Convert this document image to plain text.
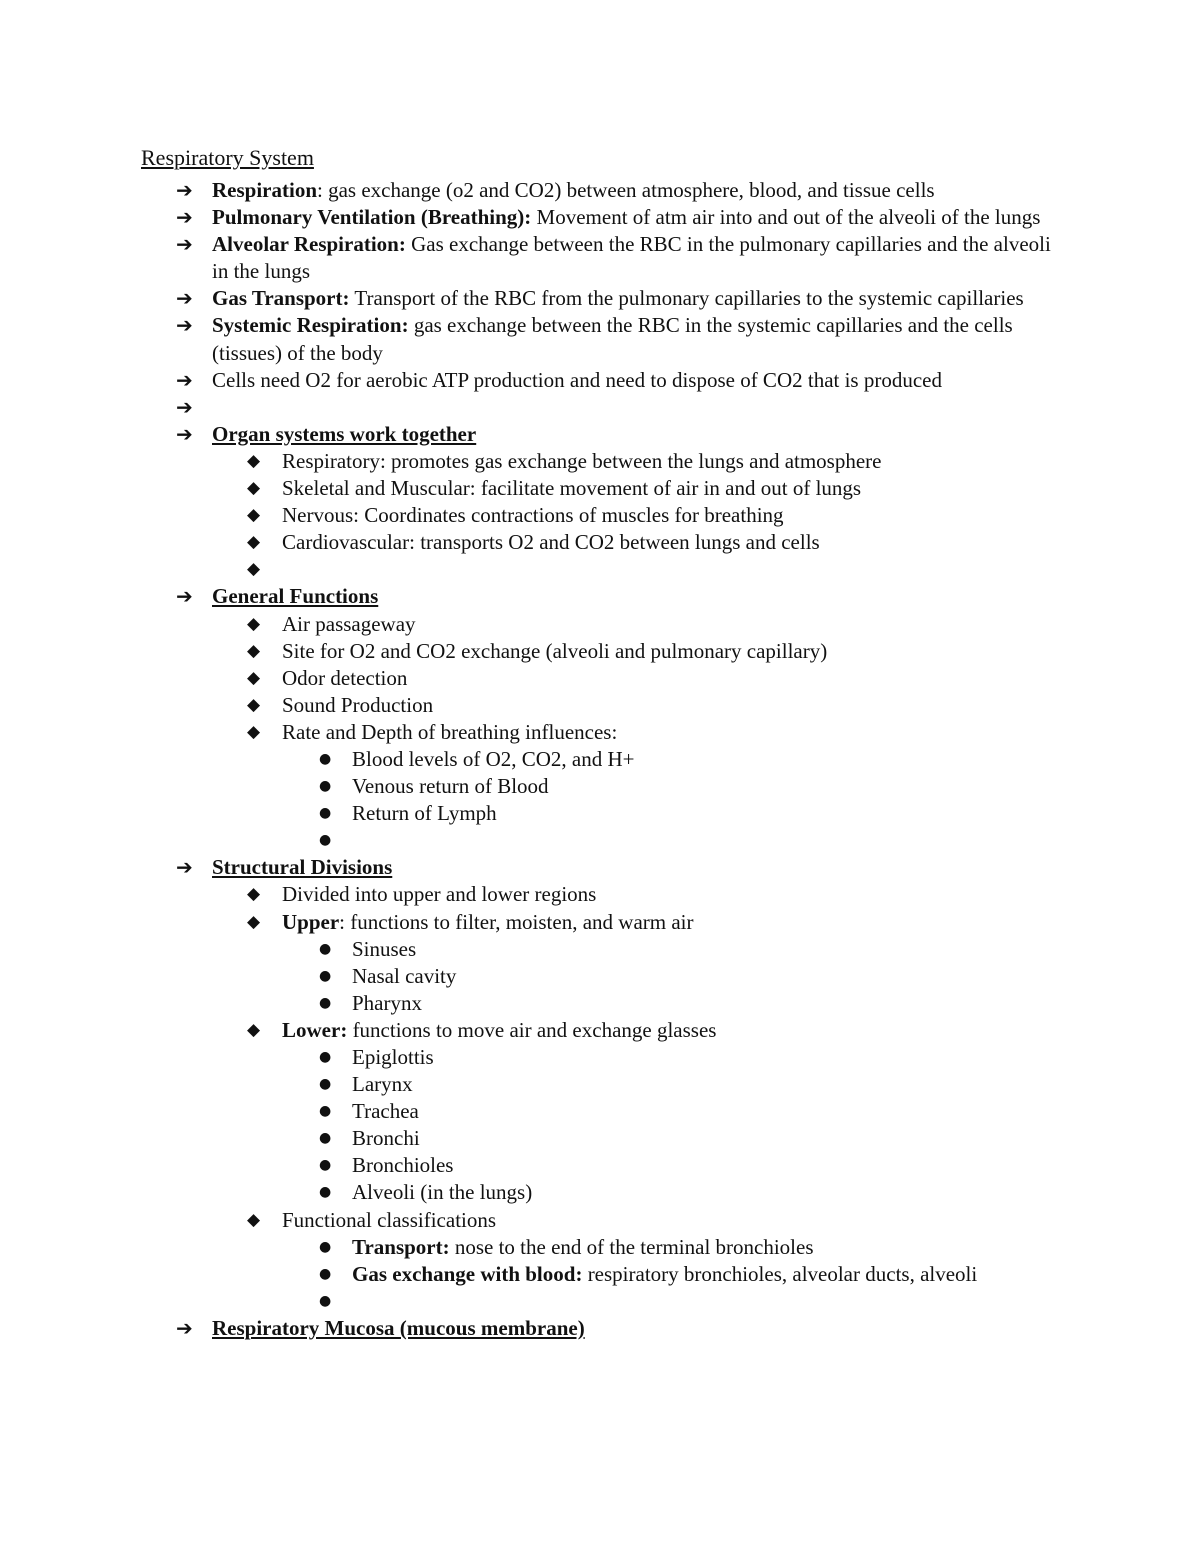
Respiratory System
➔ Respiration: gas exchange (o2 and CO2) between atmosphere, blood, and tissue cells
➔ Pulmonary Ventilation (Breathing): Movement of atm air into and out of the alveoli of the lungs
➔ Alveolar Respiration: Gas exchange between the RBC in the pulmonary capillaries and the alveoli in the lungs
➔ Gas Transport: Transport of the RBC from the pulmonary capillaries to the systemic capillaries
➔ Systemic Respiration: gas exchange between the RBC in the systemic capillaries and the cells (tissues) of the body
➔ Cells need O2 for aerobic ATP production and need to dispose of CO2 that is produced
➔

➔ Organ systems work together
◆	Respiratory: promotes gas exchange between the lungs and atmosphere
◆	Skeletal and Muscular: facilitate movement of air in and out of lungs
◆	Nervous: Coordinates contractions of muscles for breathing
◆	Cardiovascular: transports O2 and CO2 between lungs and cells
◆

➔ General Functions
◆	Air passageway
◆	Site for O2 and CO2 exchange (alveoli and pulmonary capillary)
◆	Odor detection
◆	Sound Production
◆	Rate and Depth of breathing influences:
● Blood levels of O2, CO2, and H+
● Venous return of Blood
● Return of Lymph
●

➔ Structural Divisions
◆	Divided into upper and lower regions
◆	Upper: functions to filter, moisten, and warm air
● Sinuses
● Nasal cavity
● Pharynx
◆	Lower: functions to move air and exchange glasses
● Epiglottis
● Larynx
● Trachea
● Bronchi
● Bronchioles
● Alveoli (in the lungs)
◆	Functional classifications
● Transport: nose to the end of the terminal bronchioles
● Gas exchange with blood: respiratory bronchioles, alveolar ducts, alveoli
●

➔ Respiratory Mucosa (mucous membrane)
